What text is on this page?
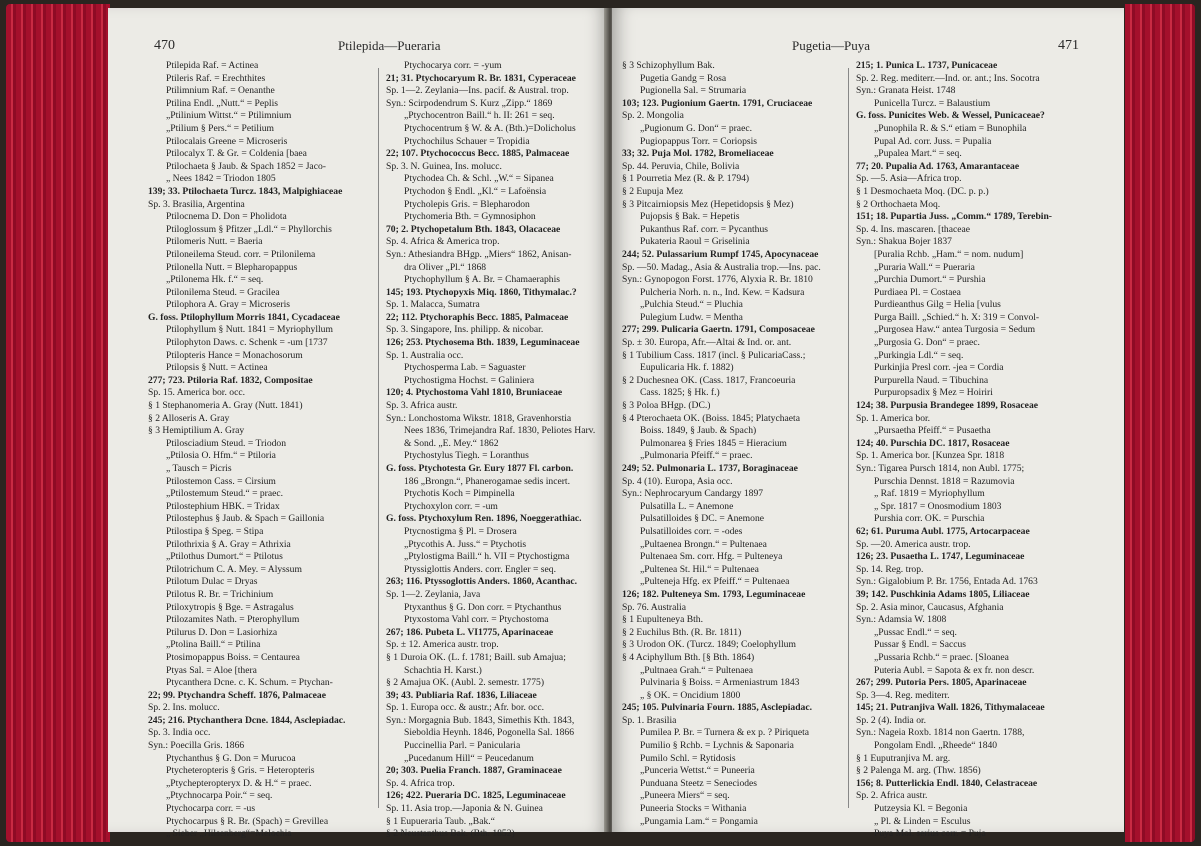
470	Ptilepida—Pueraria
Ptilepida Raf. = Actinea
Ptileris Raf. = Erechthites
Ptilimnium Raf. = Oenanthe
Ptilina Endl. „Nutt.“ = Peplis
„Ptilinium Wittst.“ = Ptilimnium
„Ptilium § Pers.“ = Petilium
Ptilocalais Greene = Microseris
Ptilocalyx T. & Gr. = Coldenia [baea
Ptilochaeta § Jaub. & Spach 1852 = Jaco-
„ Nees 1842 = Triodon 1805
139; 33. Ptilochaeta Turcz. 1843, Malpighiaceae
Sp. 3. Brasilia, Argentina
Ptilocnema D. Don = Pholidota
Ptiloglossum § Pfitzer „Ldl.“ = Phyllorchis
Ptilomeris Nutt. = Baeria
Ptiloneilema Steud. corr. = Ptilonilema
Ptilonella Nutt. = Blepharopappus
„Ptilonema Hk. f.“ = seq.
Ptilonilema Steud. = Gracilea
Ptilophora A. Gray = Microseris
G. foss. Ptilophyllum Morris 1841, Cycadaceae
Ptilophyllum § Nutt. 1841 = Myriophyllum
Ptilophyton Daws. c. Schenk = -um [1737
Ptilopteris Hance = Monachosorum
Ptilopsis § Nutt. = Actinea
277; 723. Ptiloria Raf. 1832, Compositae
Sp. 15. America bor. occ.
§ 1 Stephanomeria A. Gray (Nutt. 1841)
§ 2 Alloseris A. Gray
§ 3 Hemiptilium A. Gray
Ptilosciadium Steud. = Triodon
„Ptilosia O. Hfm.“ = Ptiloria
„ Tausch = Picris
Ptilostemon Cass. = Cirsium
„Ptilostemum Steud.“ = praec.
Ptilostephium HBK. = Tridax
Ptilostephus § Jaub. & Spach = Gaillonia
Ptilostipa § Speg. = Stipa
Ptilothrixia § A. Gray = Athrixia
„Ptilothus Dumort.“ = Ptilotus
Ptilotrichum C. A. Mey. = Alyssum
Ptilotum Dulac = Dryas
Ptilotus R. Br. = Trichinium
Ptiloxytropis § Bge. = Astragalus
Ptilozamites Nath. = Pterophyllum
Ptilurus D. Don = Lasiorhiza
„Ptolina Baill.“ = Ptilina
Ptosimopappus Boiss. = Centaurea
Ptyas Sal. = Aloe [thera
Ptycanthera Dcne. c. K. Schum. = Ptychan-
22; 99. Ptychandra Scheff. 1876, Palmaceae
Sp. 2. Ins. molucc.
245; 216. Ptychanthera Dcne. 1844, Asclepiadac.
Sp. 3. India occ.
Syn.: Poecilla Gris. 1866
Ptychanthus § G. Don = Murucoa
Ptycheteropteris § Gris. = Heteropteris
„Ptychepteropteryx D. & H.“ = praec.
„Ptychnocarpa Poir.“ = seq.
Ptychocarpa corr. = -us
Ptychocarpus § R. Br. (Spach) = Grevillea
„ Sieber „Hilsenberg“=Melochia
Ptychocarya corr. = -yum
21; 31. Ptychocaryum R. Br. 1831, Cyperaceae
Sp. 1—2. Zeylania—Ins. pacif. & Austral. trop.
Syn.: Scirpodendrum S. Kurz „Zipp.“ 1869
„Ptychocentron Baill.“ h. II: 261 = seq.
Ptychocentrum § W. & A. (Bth.)=Dolicholus
Ptychochilus Schauer = Tropidia
22; 107. Ptychococcus Becc. 1885, Palmaceae
Sp. 3. N. Guinea, Ins. molucc.
Ptychodea Ch. & Schl. „W.“ = Sipanea
Ptychodon § Endl. „Kl.“ = Lafoënsia
Ptycholepis Gris. = Blepharodon
Ptychomeria Bth. = Gymnosiphon
70; 2. Ptychopetalum Bth. 1843, Olacaceae
Sp. 4. Africa & America trop.
Syn.: Athesiandra BHgp. „Miers“ 1862, Anisan-
dra Oliver „Pl.“ 1868
Ptychophyllum § A. Br. = Chamaeraphis
145; 193. Ptychopyxis Miq. 1860, Tithymalac.?
Sp. 1. Malacca, Sumatra
22; 112. Ptychoraphis Becc. 1885, Palmaceae
Sp. 3. Singapore, Ins. philipp. & nicobar.
126; 253. Ptychosema Bth. 1839, Leguminaceae
Sp. 1. Australia occ.
Ptychosperma Lab. = Saguaster
Ptychostigma Hochst. = Galiniera
120; 4. Ptychostoma Vahl 1810, Bruniaceae
Sp. 3. Africa austr.
Syn.: Lonchostoma Wikstr. 1818, Gravenhorstia
Nees 1836, Trimejandra Raf. 1830, Peliotes Harv.
& Sond. „E. Mey.“ 1862
Ptychostylus Tiegh. = Loranthus
G. foss. Ptychotesta Gr. Eury 1877 Fl. carbon.
186 „Brongn.“, Phanerogamae sedis incert.
Ptychotis Koch = Pimpinella
Ptychoxylon corr. = -um
G. foss. Ptychoxylum Ren. 1896, Noeggerathiac.
Ptycnostigma § Pl. = Drosera
„Ptycothis A. Juss.“ = Ptychotis
„Ptylostigma Baill.“ h. VII = Ptychostigma
Ptyssiglottis Anders. corr. Engler = seq.
263; 116. Ptyssoglottis Anders. 1860, Acanthac.
Sp. 1—2. Zeylania, Java
Ptyxanthus § G. Don corr. = Ptychanthus
Ptyxostoma Vahl corr. = Ptychostoma
267; 186. Pubeta L. VI1775, Aparinaceae
Sp. ± 12. America austr. trop.
§ 1 Duroia OK. (L. f. 1781; Baill. sub Amajua;
Schachtia H. Karst.)
§ 2 Amajua OK. (Aubl. 2. semestr. 1775)
39; 43. Publiaria Raf. 1836, Liliaceae
Sp. 1. Europa occ. & austr.; Afr. bor. occ.
Syn.: Morgagnia Bub. 1843, Simethis Kth. 1843,
Sieboldia Heynh. 1846, Pogonella Sal. 1866
Puccinellia Parl. = Panicularia
„Pucedanum Hill“ = Peucedanum
20; 303. Puelia Franch. 1887, Graminaceae
Sp. 4. Africa trop.
126; 422. Pueraria DC. 1825, Leguminaceae
Sp. 11. Asia trop.—Japonia & N. Guinea
§ 1 Eupueraria Taub. „Bak.“
§ 2 Neustanthus Bak. (Bth. 1852)
Pugetia—Puya	471
§ 3 Schizophyllum Bak.
Pugetia Gandg = Rosa
Pugionella Sal. = Strumaria
103; 123. Pugionium Gaertn. 1791, Cruciaceae
Sp. 2. Mongolia
„Pugionum G. Don“ = praec.
Pugiopappus Torr. = Coriopsis
33; 32. Puja Mol. 1782, Bromeliaceae
Sp. 44. Peruvia, Chile, Bolivia
§ 1 Pourretia Mez (R. & P. 1794)
§ 2 Eupuja Mez
§ 3 Pitcairniopsis Mez (Hepetidopsis § Mez)
Pujopsis § Bak. = Hepetis
Pukanthus Raf. corr. = Pycanthus
Pukateria Raoul = Griselinia
244; 52. Pulassarium Rumpf 1745, Apocynaceae
Sp. —50. Madag., Asia & Australia trop.—Ins. pac.
Syn.: Gynopogon Forst. 1776, Alyxia R. Br. 1810
Pulcheria Norh. n. n., Ind. Kew. = Kadsura
„Pulchia Steud.“ = Pluchia
Pulegium Ludw. = Mentha
277; 299. Pulicaria Gaertn. 1791, Composaceae
Sp. ± 30. Europa, Afr.—Altai & Ind. or. ant.
§ 1 Tubilium Cass. 1817 (incl. § PulicariaCass.;
Eupulicaria Hk. f. 1882)
§ 2 Duchesnea OK. (Cass. 1817, Francoeuria
Cass. 1825; § Hk. f.)
§ 3 Poloa BHgp. (DC.)
§ 4 Pterochaeta OK. (Boiss. 1845; Platychaeta
Boiss. 1849, § Jaub. & Spach)
Pulmonarea § Fries 1845 = Hieracium
„Pulmonaria Pfeiff.“ = praec.
249; 52. Pulmonaria L. 1737, Boraginaceae
Sp. 4 (10). Europa, Asia occ.
Syn.: Nephrocaryum Candargy 1897
Pulsatilla L. = Anemone
Pulsatilloides § DC. = Anemone
Pulsatilloides corr. = -odes
„Pultaenea Brongn.“ = Pultenaea
Pultenaea Sm. corr. Hfg. = Pulteneya
„Pultenea St. Hil.“ = Pultenaea
„Pulteneja Hfg. ex Pfeiff.“ = Pultenaea
126; 182. Pulteneya Sm. 1793, Leguminaceae
Sp. 76. Australia
§ 1 Eupulteneya Bth.
§ 2 Euchilus Bth. (R. Br. 1811)
§ 3 Urodon OK. (Turcz. 1849; Coelophyllum
§ 4 Aciphyllum Bth. [§ Bth. 1864)
„Pultnaea Grah.“ = Pultenaea
Pulvinaria § Boiss. = Armeniastrum 1843
„ § OK. = Oncidium 1800
245; 105. Pulvinaria Fourn. 1885, Asclepiadac.
Sp. 1. Brasilia
Pumilea P. Br. = Turnera & ex p. ? Piriqueta
Pumilio § Rchb. = Lychnis & Saponaria
Pumilo Schl. = Rytidosis
„Punceria Wettst.“ = Puneeria
Punduana Steetz = Seneciodes
„Puneera Miers“ = seq.
Puneeria Stocks = Withania
„Pungamia Lam.“ = Pongamia
215; 1. Punica L. 1737, Punicaceae
Sp. 2. Reg. mediterr.—Ind. or. ant.; Ins. Socotra
Syn.: Granata Heist. 1748
Punicella Turcz. = Balaustium
G. foss. Punicites Web. & Wessel, Punicaceae?
„Punophila R. & S.“ etiam = Bunophila
Pupal Ad. corr. Juss. = Pupalia
„Pupalea Mart.“ = seq.
77; 20. Pupalia Ad. 1763, Amarantaceae
Sp. —5. Asia—Africa trop.
§ 1 Desmochaeta Moq. (DC. p. p.)
§ 2 Orthochaeta Moq.
151; 18. Pupartia Juss. „Comm.“ 1789, Terebin-
Sp. 4. Ins. mascaren. [thaceae
Syn.: Shakua Bojer 1837
[Puralia Rchb. „Ham.“ = nom. nudum]
„Puraria Wall.“ = Pueraria
„Purchia Dumort.“ = Purshia
Purdiaea Pl. = Costaea
Purdieanthus Gilg = Helia [vulus
Purga Baill. „Schied.“ h. X: 319 = Convol-
„Purgosea Haw.“ antea Turgosia = Sedum
„Purgosia G. Don“ = praec.
„Purkingia Ldl.“ = seq.
Purkinjia Presl corr. -jea = Cordia
Purpurella Naud. = Tibuchina
Purpuropsadix § Mez = Hoiriri
124; 38. Purpusia Brandegee 1899, Rosaceae
Sp. 1. America bor.
„Pursaetha Pfeiff.“ = Pusaetha
124; 40. Purschia DC. 1817, Rosaceae
Sp. 1. America bor. [Kunzea Spr. 1818
Syn.: Tigarea Pursch 1814, non Aubl. 1775;
Purschia Dennst. 1818 = Razumovia
„ Raf. 1819 = Myriophyllum
„ Spr. 1817 = Onosmodium 1803
Purshia corr. OK. = Purschia
62; 61. Puruma Aubl. 1775, Artocarpaceae
Sp. —20. America austr. trop.
126; 23. Pusaetha L. 1747, Leguminaceae
Sp. 14. Reg. trop.
Syn.: Gigalobium P. Br. 1756, Entada Ad. 1763
39; 142. Puschkinia Adams 1805, Liliaceae
Sp. 2. Asia minor, Caucasus, Afghania
Syn.: Adamsia W. 1808
„Pussac Endl.“ = seq.
Pussar § Endl. = Saccus
„Pussaria Rchb.“ = praec. [Sloanea
Puteria Aubl. = Sapota & ex fr. non descr.
267; 299. Putoria Pers. 1805, Aparinaceae
Sp. 3—4. Reg. mediterr.
145; 21. Putranjiva Wall. 1826, Tithymalaceae
Sp. 2 (4). India or.
Syn.: Nageia Roxb. 1814 non Gaertn. 1788,
Pongolam Endl. „Rheede“ 1840
§ 1 Euputranjiva M. arg.
§ 2 Palenga M. arg. (Thw. 1856)
156; 8. Putterlickia Endl. 1840, Celastraceae
Sp. 2. Africa austr.
Putzeysia Kl. = Begonia
„ Pl. & Linden = Esculus
Puya Mol. serius corr. = Puja
